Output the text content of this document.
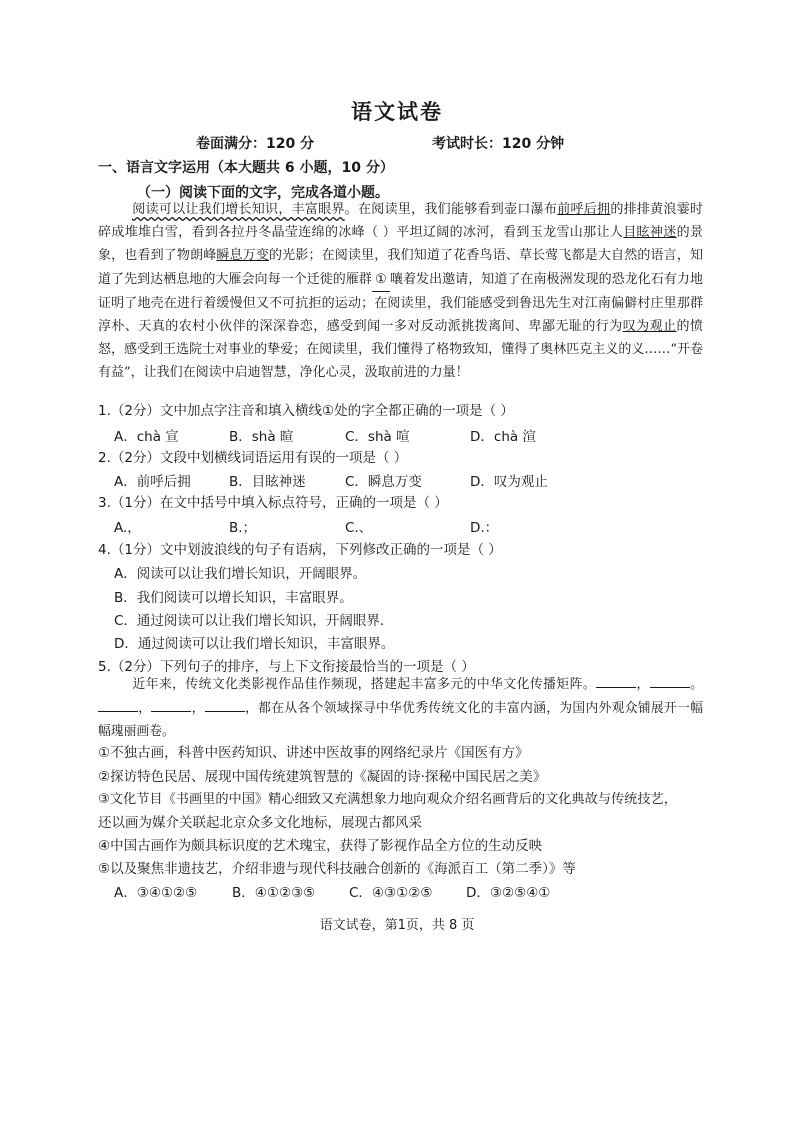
语文试卷
卷面满分：120 分	考试时长：120 分钟
一、语言文字运用（本大题共 6 小题，10 分）
（一）阅读下面的文字，完成各道小题。
阅读可以让我们增长知识，丰富眼界。在阅读里，我们能够看到壶口瀑布前呼后拥的排排黄浪霎时碎成堆堆白雪，看到各拉丹冬晶莹连绵的冰峰（ ）平坦辽阔的冰河，看到玉龙雪山那让人目眩神迷的景象，也看到了物朗峰瞬息万变的光影；在阅读里，我们知道了花香鸟语、草长莺飞都是大自然的语言，知道了先到达栖息地的大雁会向每一个迁徙的雁群 ① 嚷着发出邀请，知道了在南极洲发现的恐龙化石有力地证明了地壳在进行着缓慢但又不可抗拒的运动；在阅读里，我们能感受到鲁迅先生对江南偏僻村庄里那群淳朴、天真的农村小伙伴的深深眷恋，感受到闻一多对反动派挑拨离间、卑鄙无耻的行为叹为观止的愤怒，感受到王选院士对事业的挚爱；在阅读里，我们懂得了格物致知，懂得了奥林匹克主义的义……“开卷有益”，让我们在阅读中启迪智慧，净化心灵，汲取前进的力量！
1.（2分）文中加点字注音和填入横线①处的字全都正确的一项是（ ）
A．chà 宣	B．shà 暄	C．shà 喧	D．chà 渲
2.（2分）文段中划横线词语运用有误的一项是（ ）
A．前呼后拥	B．目眩神迷	C．瞬息万变	D．叹为观止
3.（1分）在文中括号中填入标点符号，正确的一项是（ ）
A.，	B.；	C.、	D.：
4.（1分）文中划波浪线的句子有语病，下列修改正确的一项是（ ）
A．阅读可以让我们增长知识，开阔眼界。
B．我们阅读可以增长知识，丰富眼界。
C．通过阅读可以让我们增长知识，开阔眼界.
D．通过阅读可以让我们增长知识，丰富眼界。
5.（2分）下列句子的排序，与上下文衔接最恰当的一项是（ ）
近年来，传统文化类影视作品佳作频现，搭建起丰富多元的中华文化传播矩阵。	，	。，	，	，都在从各个领域探寻中华优秀传统文化的丰富内涵，为国内外观众铺展开一幅幅瑰丽画卷。
①不独古画，科普中医药知识、讲述中医故事的网络纪录片《国医有方》
②探访特色民居、展现中国传统建筑智慧的《凝固的诗·探秘中国民居之美》
③文化节目《书画里的中国》精心细致又充满想象力地向观众介绍名画背后的文化典故与传统技艺，
还以画为媒介关联起北京众多文化地标，展现古都风采
④中国古画作为颇具标识度的艺术瑰宝，获得了影视作品全方位的生动反映
⑤以及聚焦非遗技艺，介绍非遗与现代科技融合创新的《海派百工（第二季）》等
A．③④①②⑤	B．④①②③⑤ C．④③①②⑤ D．③②⑤④①
语文试卷，第1页，共 8 页
